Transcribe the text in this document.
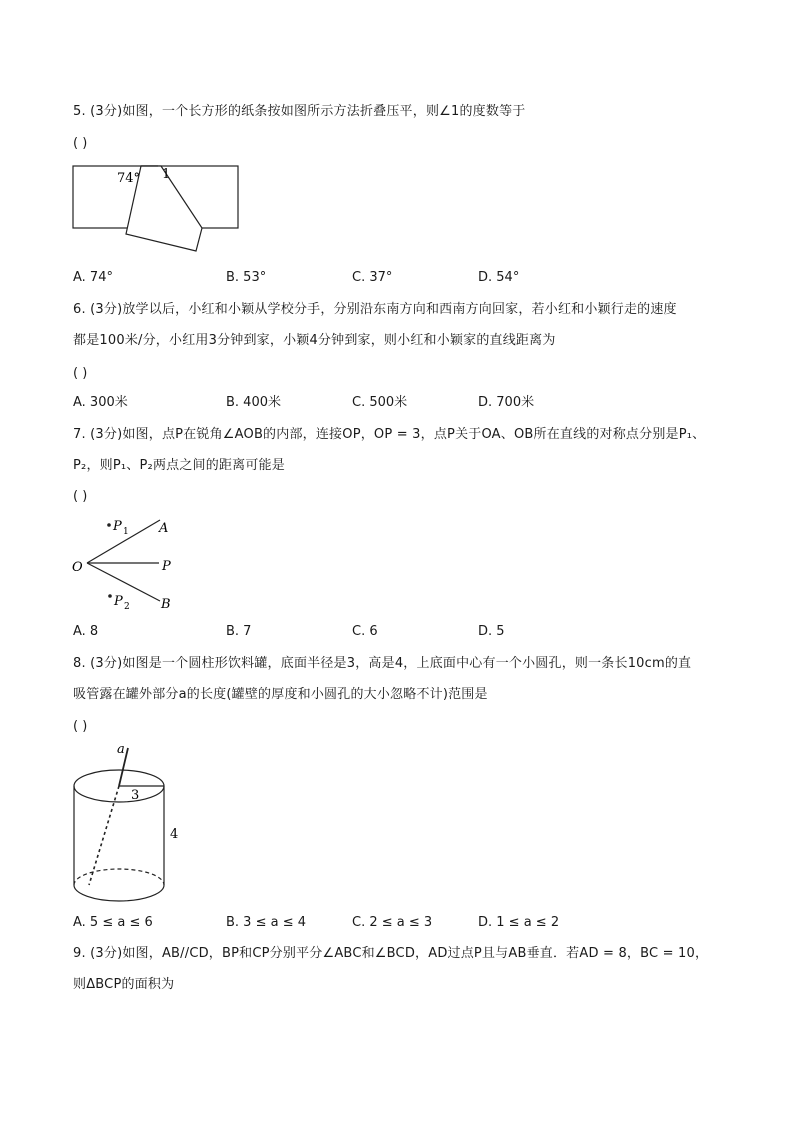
5. (3分)如图，一个长方形的纸条按如图所示方法折叠压平，则∠1的度数等于
( )
74° 1
A. 74°	B. 53°	C. 37°	D. 54°
6. (3分)放学以后，小红和小颖从学校分手，分别沿东南方向和西南方向回家，若小红和小颖行走的速度
都是100米/分，小红用3分钟到家，小颖4分钟到家，则小红和小颖家的直线距离为
( )
A. 300米	B. 400米	C. 500米	D. 700米
7. (3分)如图，点P在锐角∠AOB的内部，连接OP，OP = 3，点P关于OA、OB所在直线的对称点分别是P₁、
P₂，则P₁、P₂两点之间的距离可能是
( )
P 1
P 2
A
O	P
B
A. 8	B. 7	C. 6	D. 5
8. (3分)如图是一个圆柱形饮料罐，底面半径是3，高是4，上底面中心有一个小圆孔，则一条长10cm的直
吸管露在罐外部分a的长度(罐壁的厚度和小圆孔的大小忽略不计)范围是
( )
a
3
4
A. 5 ≤ a ≤ 6	B. 3 ≤ a ≤ 4	C. 2 ≤ a ≤ 3	D. 1 ≤ a ≤ 2
9. (3分)如图，AB//CD，BP和CP分别平分∠ABC和∠BCD，AD过点P且与AB垂直．若AD = 8，BC = 10，
则ΔBCP的面积为
